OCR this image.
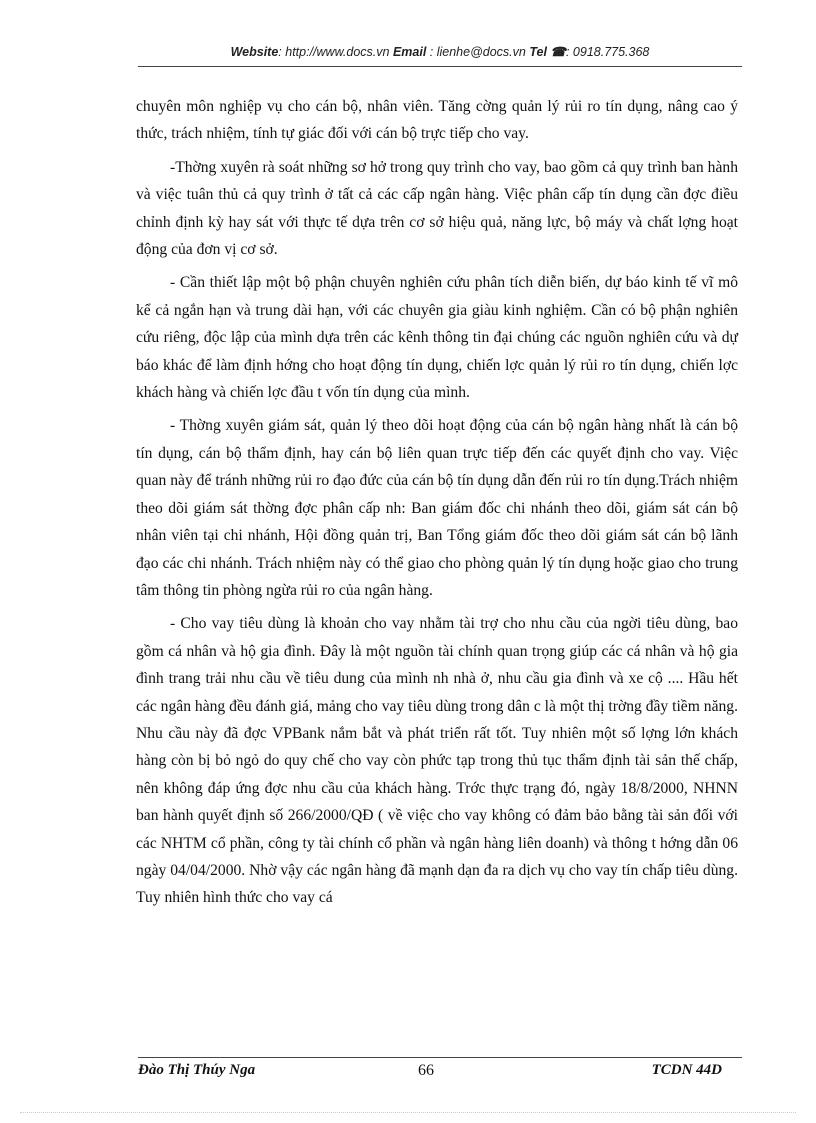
Website: http://www.docs.vn Email : lienhe@docs.vn Tel ☎: 0918.775.368

chuyên môn nghiệp vụ cho cán bộ, nhân viên. Tăng cờng quản lý rủi ro tín dụng, nâng cao ý thức, trách nhiệm, tính tự giác đối với cán bộ trực tiếp cho vay.

-Thờng xuyên rà soát những sơ hở trong quy trình cho vay, bao gồm cả quy trình ban hành và việc tuân thủ cả quy trình ở tất cả các cấp ngân hàng. Việc phân cấp tín dụng cần đợc điều chỉnh định kỳ hay sát với thực tế dựa trên cơ sở hiệu quả, năng lực, bộ máy và chất lợng hoạt động của đơn vị cơ sở.

- Cần thiết lập một bộ phận chuyên nghiên cứu phân tích diễn biến, dự báo kinh tế vĩ mô kể cả ngắn hạn và trung dài hạn, với các chuyên gia giàu kinh nghiệm. Cần có bộ phận nghiên cứu riêng, độc lập của mình dựa trên các kênh thông tin đại chúng các nguồn nghiên cứu và dự báo khác để làm định hớng cho hoạt động tín dụng, chiến lợc quản lý rủi ro tín dụng, chiến lợc khách hàng và chiến lợc đầu t vốn tín dụng của mình.

- Thờng xuyên giám sát, quản lý theo dõi hoạt động của cán bộ ngân hàng nhất là cán bộ tín dụng, cán bộ thẩm định, hay cán bộ liên quan trực tiếp đến các quyết định cho vay. Việc quan này để tránh những rủi ro đạo đức của cán bộ tín dụng dẫn đến rủi ro tín dụng.Trách nhiệm theo dõi giám sát thờng đợc phân cấp nh: Ban giám đốc chi nhánh theo dõi, giám sát cán bộ nhân viên tại chi nhánh, Hội đồng quản trị, Ban Tổng giám đốc theo dõi giám sát cán bộ lãnh đạo các chi nhánh. Trách nhiệm này có thể giao cho phòng quản lý tín dụng hoặc giao cho trung tâm thông tin phòng ngừa rủi ro của ngân hàng.

- Cho vay tiêu dùng là khoản cho vay nhằm tài trợ cho nhu cầu của ngời tiêu dùng, bao gồm cá nhân và hộ gia đình. Đây là một nguồn tài chính quan trọng giúp các cá nhân và hộ gia đình trang trải nhu cầu về tiêu dung của mình nh nhà ở, nhu cầu gia đình và xe cộ .... Hầu hết các ngân hàng đều đánh giá, mảng cho vay tiêu dùng trong dân c là một thị trờng đầy tiềm năng. Nhu cầu này đã đợc VPBank nắm bắt và phát triển rất tốt. Tuy nhiên một số lợng lớn khách hàng còn bị bỏ ngỏ do quy chế cho vay còn phức tạp trong thủ tục thẩm định tài sản thế chấp, nên không đáp ứng đợc nhu cầu của khách hàng. Trớc thực trạng đó, ngày 18/8/2000, NHNN ban hành quyết định số 266/2000/QĐ ( về việc cho vay không có đảm bảo bằng tài sản đối với các NHTM cổ phần, công ty tài chính cổ phần và ngân hàng liên doanh) và thông t hớng dẫn 06 ngày 04/04/2000. Nhờ vậy các ngân hàng đã mạnh dạn đa ra dịch vụ cho vay tín chấp tiêu dùng. Tuy nhiên hình thức cho vay cá

Đào Thị Thúy Nga	66	TCDN 44D
